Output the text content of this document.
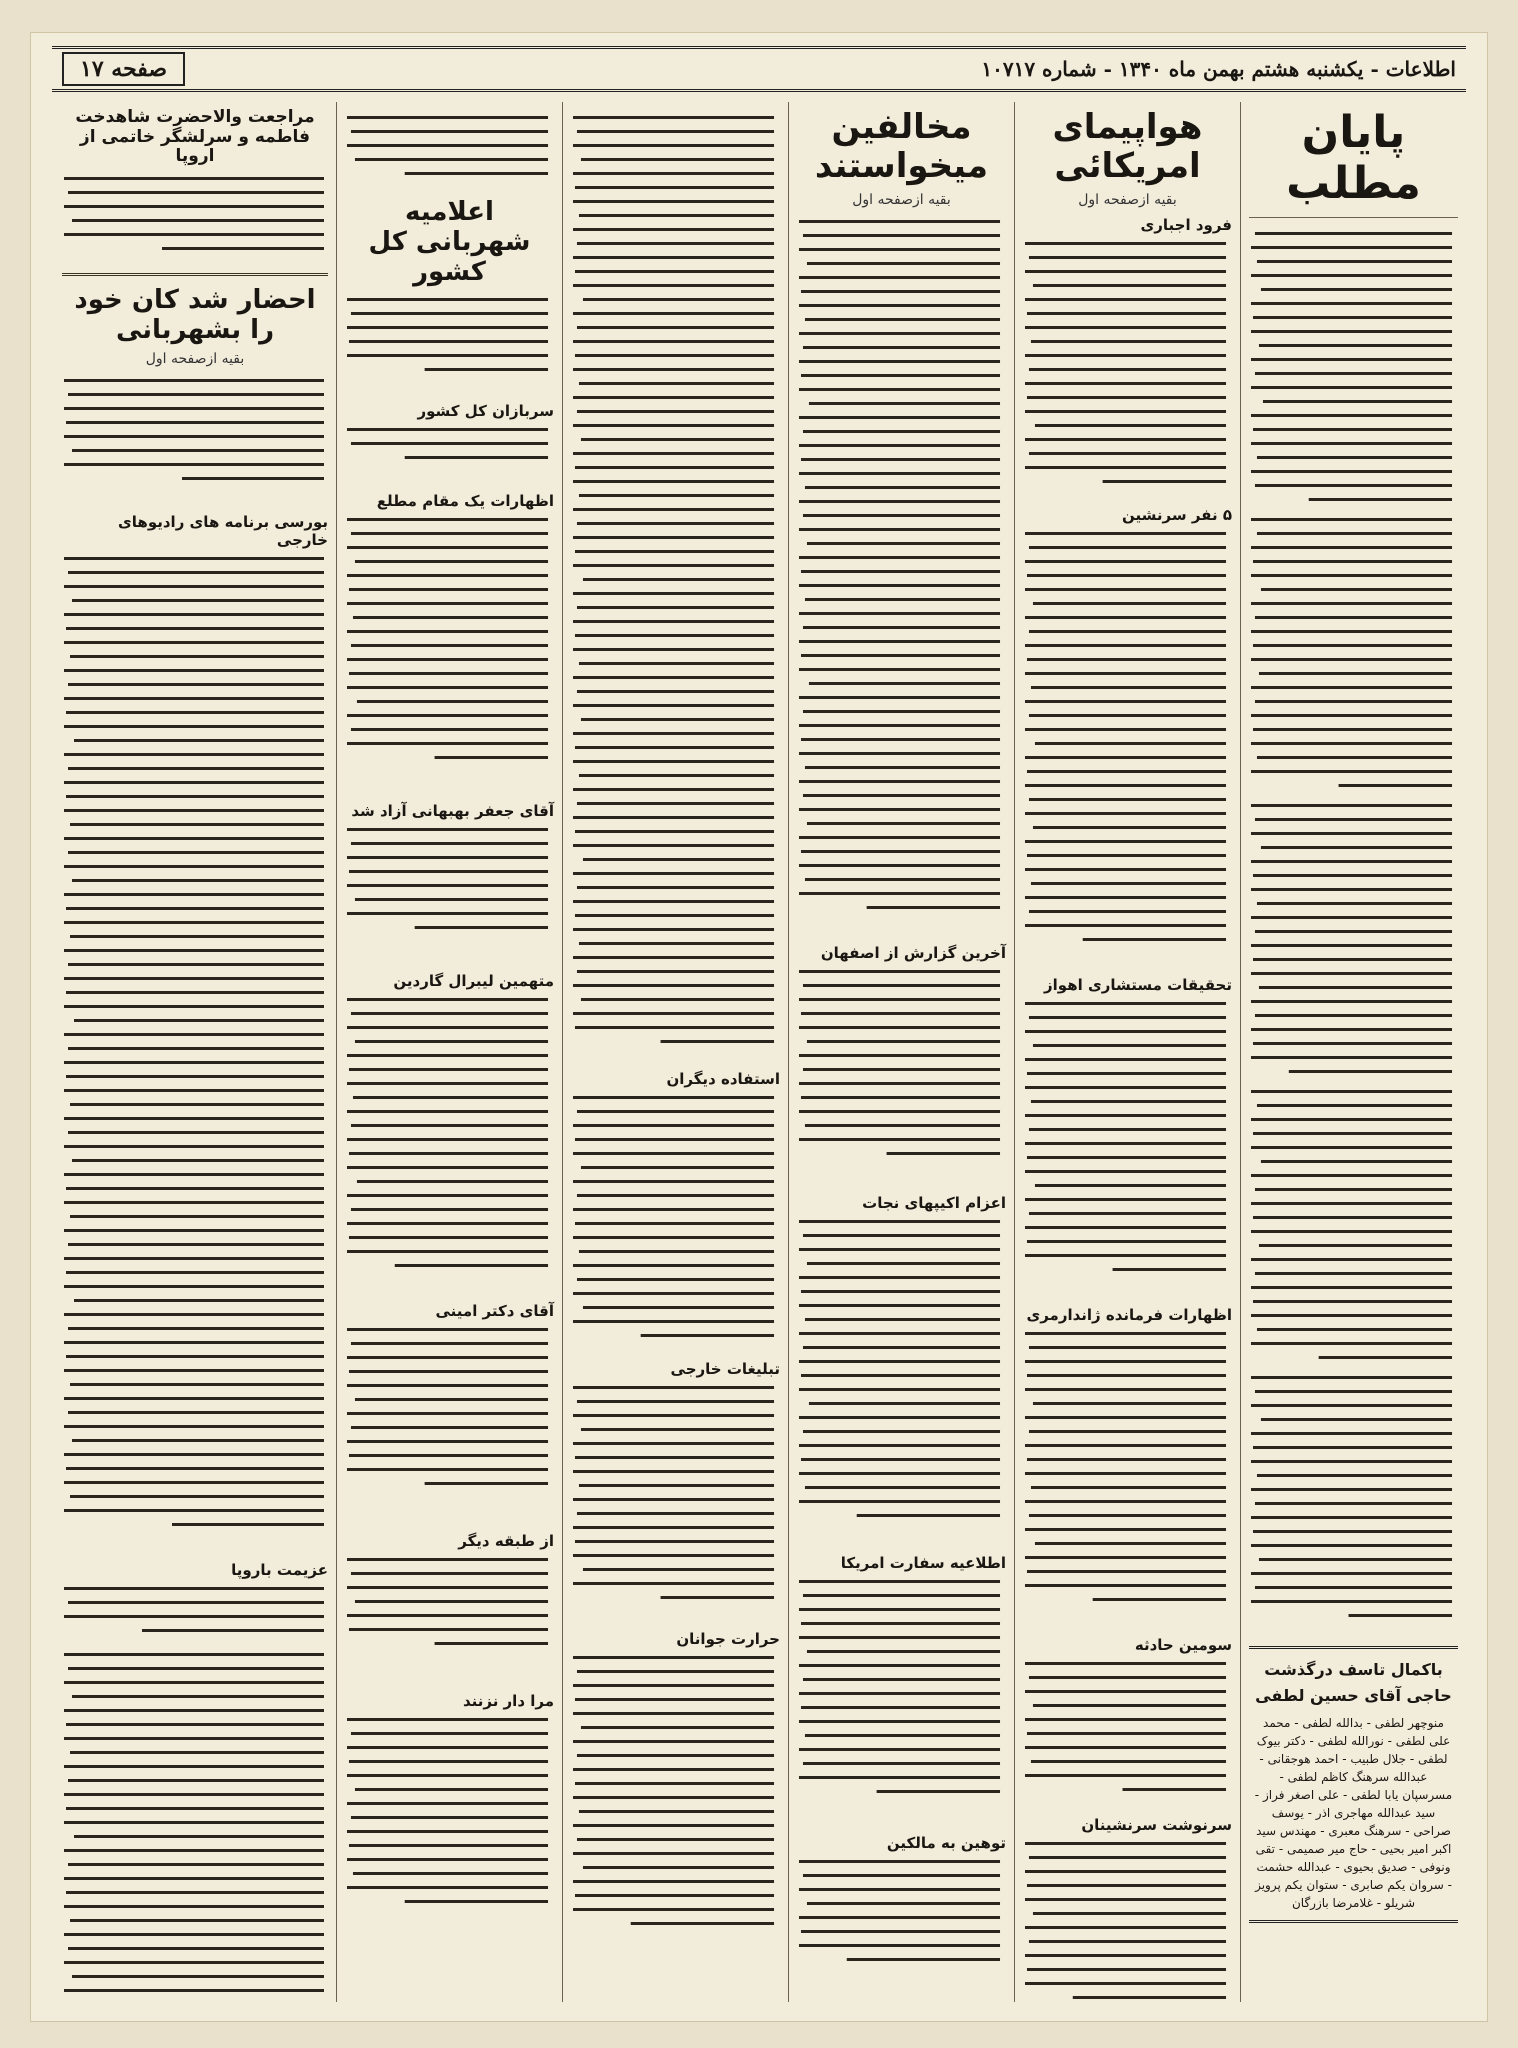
اطلاعات - یکشنبه هشتم بهمن ماه ۱۳۴۰ - شماره ۱۰۷۱۷
صفحه ۱۷
پایان مطلب
باکمال تاسف درگذشت حاجی آقای حسین لطفی
منوچهر لطفی - بدالله لطفی - محمد علی لطفی - نورالله لطفی - دکتر بیوک لطفی - جلال طبیب - احمد هوجقانی - عبدالله سرهنگ کاظم لطفی - مسرسپان یابا لطفی - علی اصغر فراز - سید عبدالله مهاجری اذر - یوسف صراحی - سرهنگ معبری - مهندس سید اکبر امیر بحیی - حاج میر صمیمی - تقی ونوفی - صدیق بحیوی - عبدالله حشمت - سروان یکم صابری - ستوان یکم پرویز شریلو - غلامرضا بازرگان
هواپیمای امریکائی
بقیه ازصفحه اول
فرود اجباری
۵ نفر سرنشین
تحقیقات مستشاری اهواز
اظهارات فرمانده ژاندارمری
سومین حادثه
سرنوشت سرنشینان
مخالفین میخواستند
بقیه ازصفحه اول
آخرین گزارش از اصفهان
اعزام اکیپهای نجات
اطلاعیه سفارت امریکا
توهین به مالکین
استفاده دیگران
تبلیغات خارجی
حرارت جوانان
اعلامیه شهربانی کل کشور
سربازان کل کشور
اظهارات یک مقام مطلع
آقای جعفر بهبهانی آزاد شد
متهمین لیبرال گاردین
آقای دکتر امینی
از طبقه دیگر
مرا دار نزنند
مراجعت والاحضرت شاهدخت فاطمه و سرلشگر خاتمی از اروپا
احضار شد کان خود را بشهربانی
بقیه ازصفحه اول
بورسی برنامه های رادیوهای خارجی
عزیمت باروپا
